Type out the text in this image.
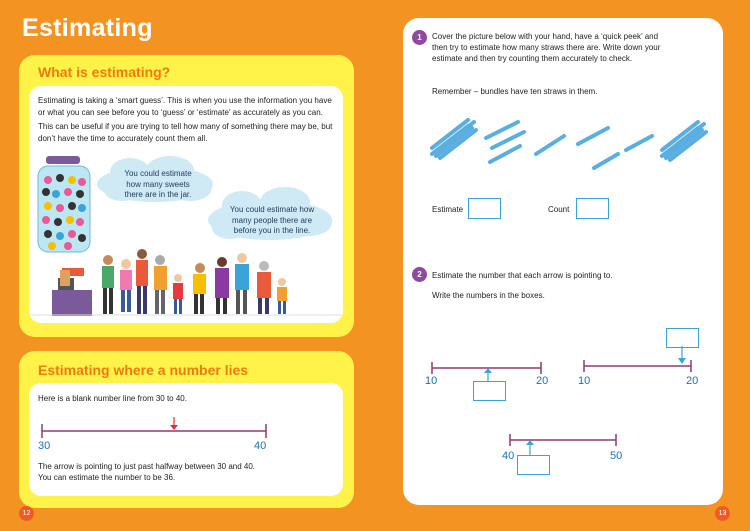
Estimating
What is estimating?
Estimating is taking a ‘smart guess’. This is when you use the information you have or what you can see before you to ‘guess’ or ‘estimate’ as accurately as you can.
This can be useful if you are trying to tell how many of something there may be, but don’t have the time to accurately count them all.
You could estimate how many sweets there are in the jar.
You could estimate how many people there are before you in the line.
Estimating where a number lies
Here is a blank number line from 30 to 40.
30	40
The arrow is pointing to just past halfway between 30 and 40.
You can estimate the number to be 36.
12
1	Cover the picture below with your hand, have a ‘quick peek’ and then try to estimate how many straws there are. Write down your estimate and then try counting them accurately to check.
Remember – bundles have ten straws in them.
Estimate	Count
2	Estimate the number that each arrow is pointing to.
Write the numbers in the boxes.
10	20	10	20
40	50
13
